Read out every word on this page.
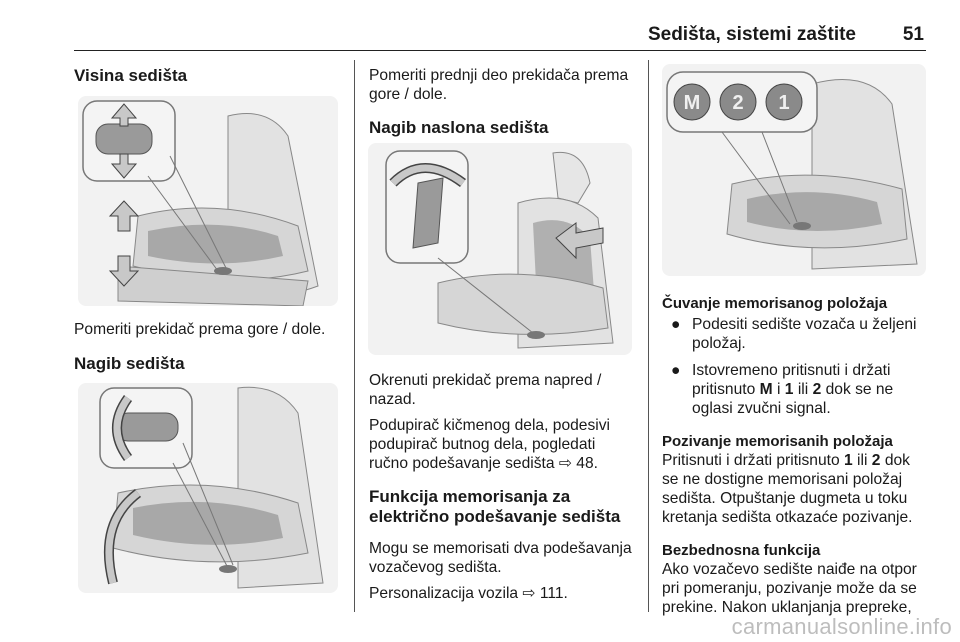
Sedišta, sistemi zaštite 51
Visina sedišta

Pomeriti prekidač prema gore / dole.

Nagib sedišta

Pomeriti prednji deo prekidača prema gore / dole.

Nagib naslona sedišta

Okrenuti prekidač prema napred / nazad.

Podupirač kičmenog dela, podesivi podupirač butnog dela, pogledati ručno podešavanje sedišta ⇨ 48.

Funkcija memorisanja za električno podešavanje sedišta

Mogu se memorisati dva podešavanja vozačevog sedišta.

Personalizacija vozila ⇨ 111.

M 2 1
Čuvanje memorisanog položaja
● Podesiti sedište vozača u željeni položaj.
● Istovremeno pritisnuti i držati pritisnuto M i 1 ili 2 dok se ne oglasi zvučni signal.
Pozivanje memorisanih položaja

Pritisnuti i držati pritisnuto 1 ili 2 dok se ne dostigne memorisani položaj sedišta. Otpuštanje dugmeta u toku kretanja sedišta otkazaće pozivanje.

Bezbednosna funkcija

Ako vozačevo sedište naiđe na otpor pri pomeranju, pozivanje može da se prekine. Nakon uklanjanja prepreke,

carmanualsonline.info
